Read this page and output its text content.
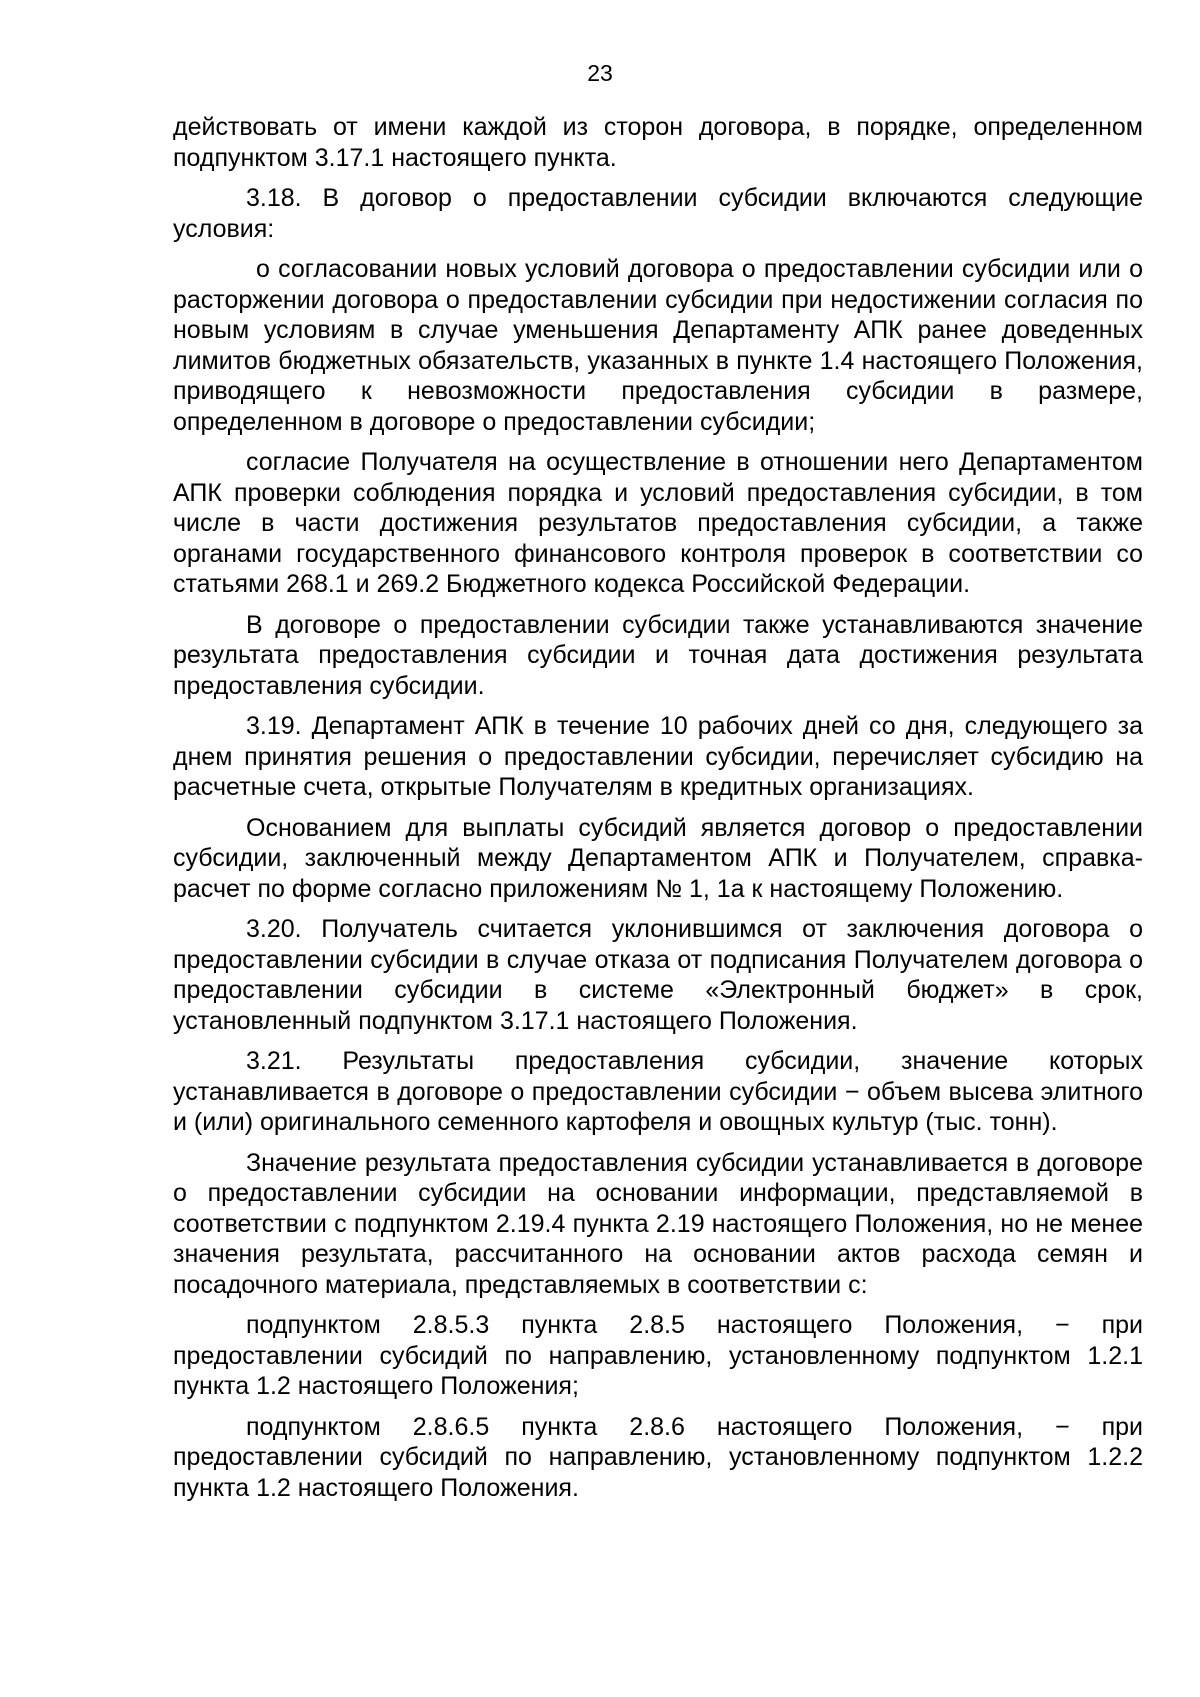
23

действовать от имени каждой из сторон договора, в порядке, определенном подпунктом 3.17.1 настоящего пункта.

3.18. В договор о предоставлении субсидии включаются следующие условия:

о согласовании новых условий договора о предоставлении субсидии или о расторжении договора о предоставлении субсидии при недостижении согласия по новым условиям в случае уменьшения Департаменту АПК ранее доведенных лимитов бюджетных обязательств, указанных в пункте 1.4 настоящего Положения, приводящего к невозможности предоставления субсидии в размере, определенном в договоре о предоставлении субсидии;

согласие Получателя на осуществление в отношении него Департаментом АПК проверки соблюдения порядка и условий предоставления субсидии, в том числе в части достижения результатов предоставления субсидии, а также органами государственного финансового контроля проверок в соответствии со статьями 268.1 и 269.2 Бюджетного кодекса Российской Федерации.

В договоре о предоставлении субсидии также устанавливаются значение результата предоставления субсидии и точная дата достижения результата предоставления субсидии.

3.19. Департамент АПК в течение 10 рабочих дней со дня, следующего за днем принятия решения о предоставлении субсидии, перечисляет субсидию на расчетные счета, открытые Получателям в кредитных организациях.

Основанием для выплаты субсидий является договор о предоставлении субсидии, заключенный между Департаментом АПК и Получателем, справка-расчет по форме согласно приложениям № 1, 1а к настоящему Положению.

3.20. Получатель считается уклонившимся от заключения договора о предоставлении субсидии в случае отказа от подписания Получателем договора о предоставлении субсидии в системе «Электронный бюджет» в срок, установленный подпунктом 3.17.1 настоящего Положения.

3.21. Результаты предоставления субсидии, значение которых устанавливается в договоре о предоставлении субсидии − объем высева элитного и (или) оригинального семенного картофеля и овощных культур (тыс. тонн).

Значение результата предоставления субсидии устанавливается в договоре о предоставлении субсидии на основании информации, представляемой в соответствии с подпунктом 2.19.4 пункта 2.19 настоящего Положения, но не менее значения результата, рассчитанного на основании актов расхода семян и посадочного материала, представляемых в соответствии с:

подпунктом 2.8.5.3 пункта 2.8.5 настоящего Положения, − при предоставлении субсидий по направлению, установленному подпунктом 1.2.1 пункта 1.2 настоящего Положения;

подпунктом 2.8.6.5 пункта 2.8.6 настоящего Положения, − при предоставлении субсидий по направлению, установленному подпунктом 1.2.2 пункта 1.2 настоящего Положения.
